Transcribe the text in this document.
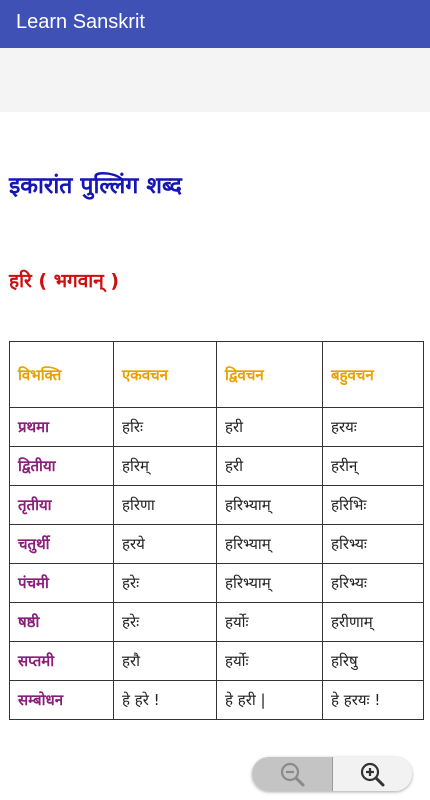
Learn Sanskrit
इकारांत पुल्लिंग शब्द
हरि ( भगवान् )
विभक्ति	एकवचन	द्विवचन	बहुवचन
प्रथमा	हरिः	हरी	हरयः
द्वितीया	हरिम्	हरी	हरीन्
तृतीया	हरिणा	हरिभ्याम्	हरिभिः
चतुर्थी	हरये	हरिभ्याम्	हरिभ्यः
पंचमी	हरेः	हरिभ्याम्	हरिभ्यः
षष्ठी	हरेः	हर्योः	हरीणाम्
सप्तमी	हरौ	हर्योः	हरिषु
सम्बोधन	हे हरे !	हे हरी |	हे हरयः !
